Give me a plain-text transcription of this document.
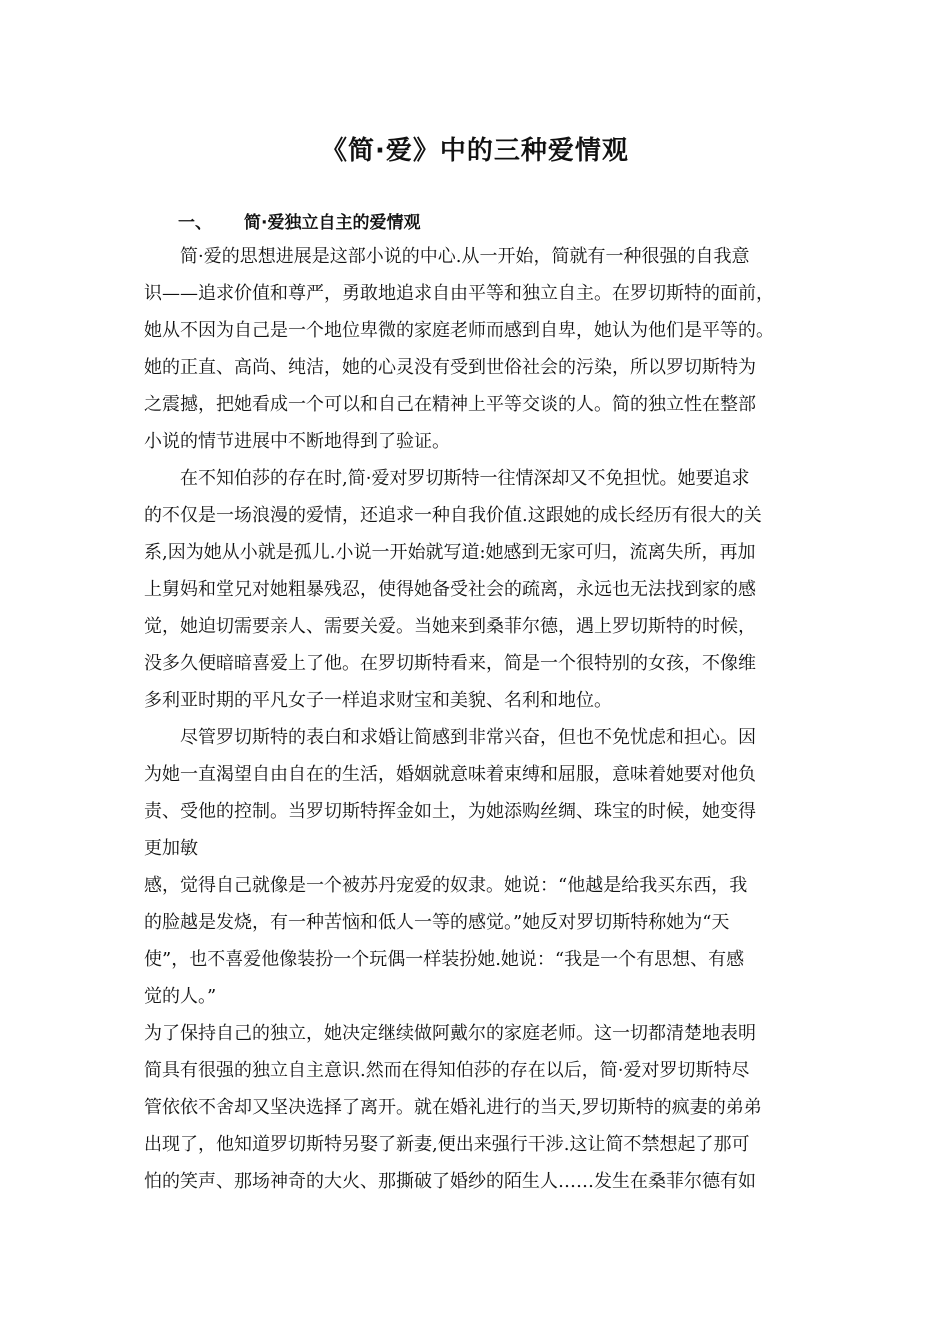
《简·爱》中的三种爱情观
一、 简·爱独立自主的爱情观
简·爱的思想进展是这部小说的中心.从一开始，简就有一种很强的自我意
识——追求价值和尊严，勇敢地追求自由平等和独立自主。在罗切斯特的面前，
她从不因为自己是一个地位卑微的家庭老师而感到自卑，她认为他们是平等的。
她的正直、高尚、纯洁，她的心灵没有受到世俗社会的污染，所以罗切斯特为
之震撼，把她看成一个可以和自己在精神上平等交谈的人。简的独立性在整部
小说的情节进展中不断地得到了验证。
在不知伯莎的存在时,简·爱对罗切斯特一往情深却又不免担忧。她要追求
的不仅是一场浪漫的爱情，还追求一种自我价值.这跟她的成长经历有很大的关
系,因为她从小就是孤儿.小说一开始就写道:她感到无家可归，流离失所，再加
上舅妈和堂兄对她粗暴残忍，使得她备受社会的疏离，永远也无法找到家的感
觉，她迫切需要亲人、需要关爱。当她来到桑菲尔德，遇上罗切斯特的时候，
没多久便暗暗喜爱上了他。在罗切斯特看来，简是一个很特别的女孩，不像维
多利亚时期的平凡女子一样追求财宝和美貌、名利和地位。
尽管罗切斯特的表白和求婚让简感到非常兴奋，但也不免忧虑和担心。因
为她一直渴望自由自在的生活，婚姻就意味着束缚和屈服，意味着她要对他负
责、受他的控制。当罗切斯特挥金如土，为她添购丝绸、珠宝的时候，她变得
更加敏
感，觉得自己就像是一个被苏丹宠爱的奴隶。她说：“他越是给我买东西，我
的脸越是发烧，有一种苦恼和低人一等的感觉。”她反对罗切斯特称她为“天
使”，也不喜爱他像装扮一个玩偶一样装扮她.她说：“我是一个有思想、有感
觉的人。”
为了保持自己的独立，她决定继续做阿戴尔的家庭老师。这一切都清楚地表明
简具有很强的独立自主意识.然而在得知伯莎的存在以后，简·爱对罗切斯特尽
管依依不舍却又坚决选择了离开。就在婚礼进行的当天,罗切斯特的疯妻的弟弟
出现了，他知道罗切斯特另娶了新妻,便出来强行干涉.这让简不禁想起了那可
怕的笑声、那场神奇的大火、那撕破了婚纱的陌生人……发生在桑菲尔德有如
